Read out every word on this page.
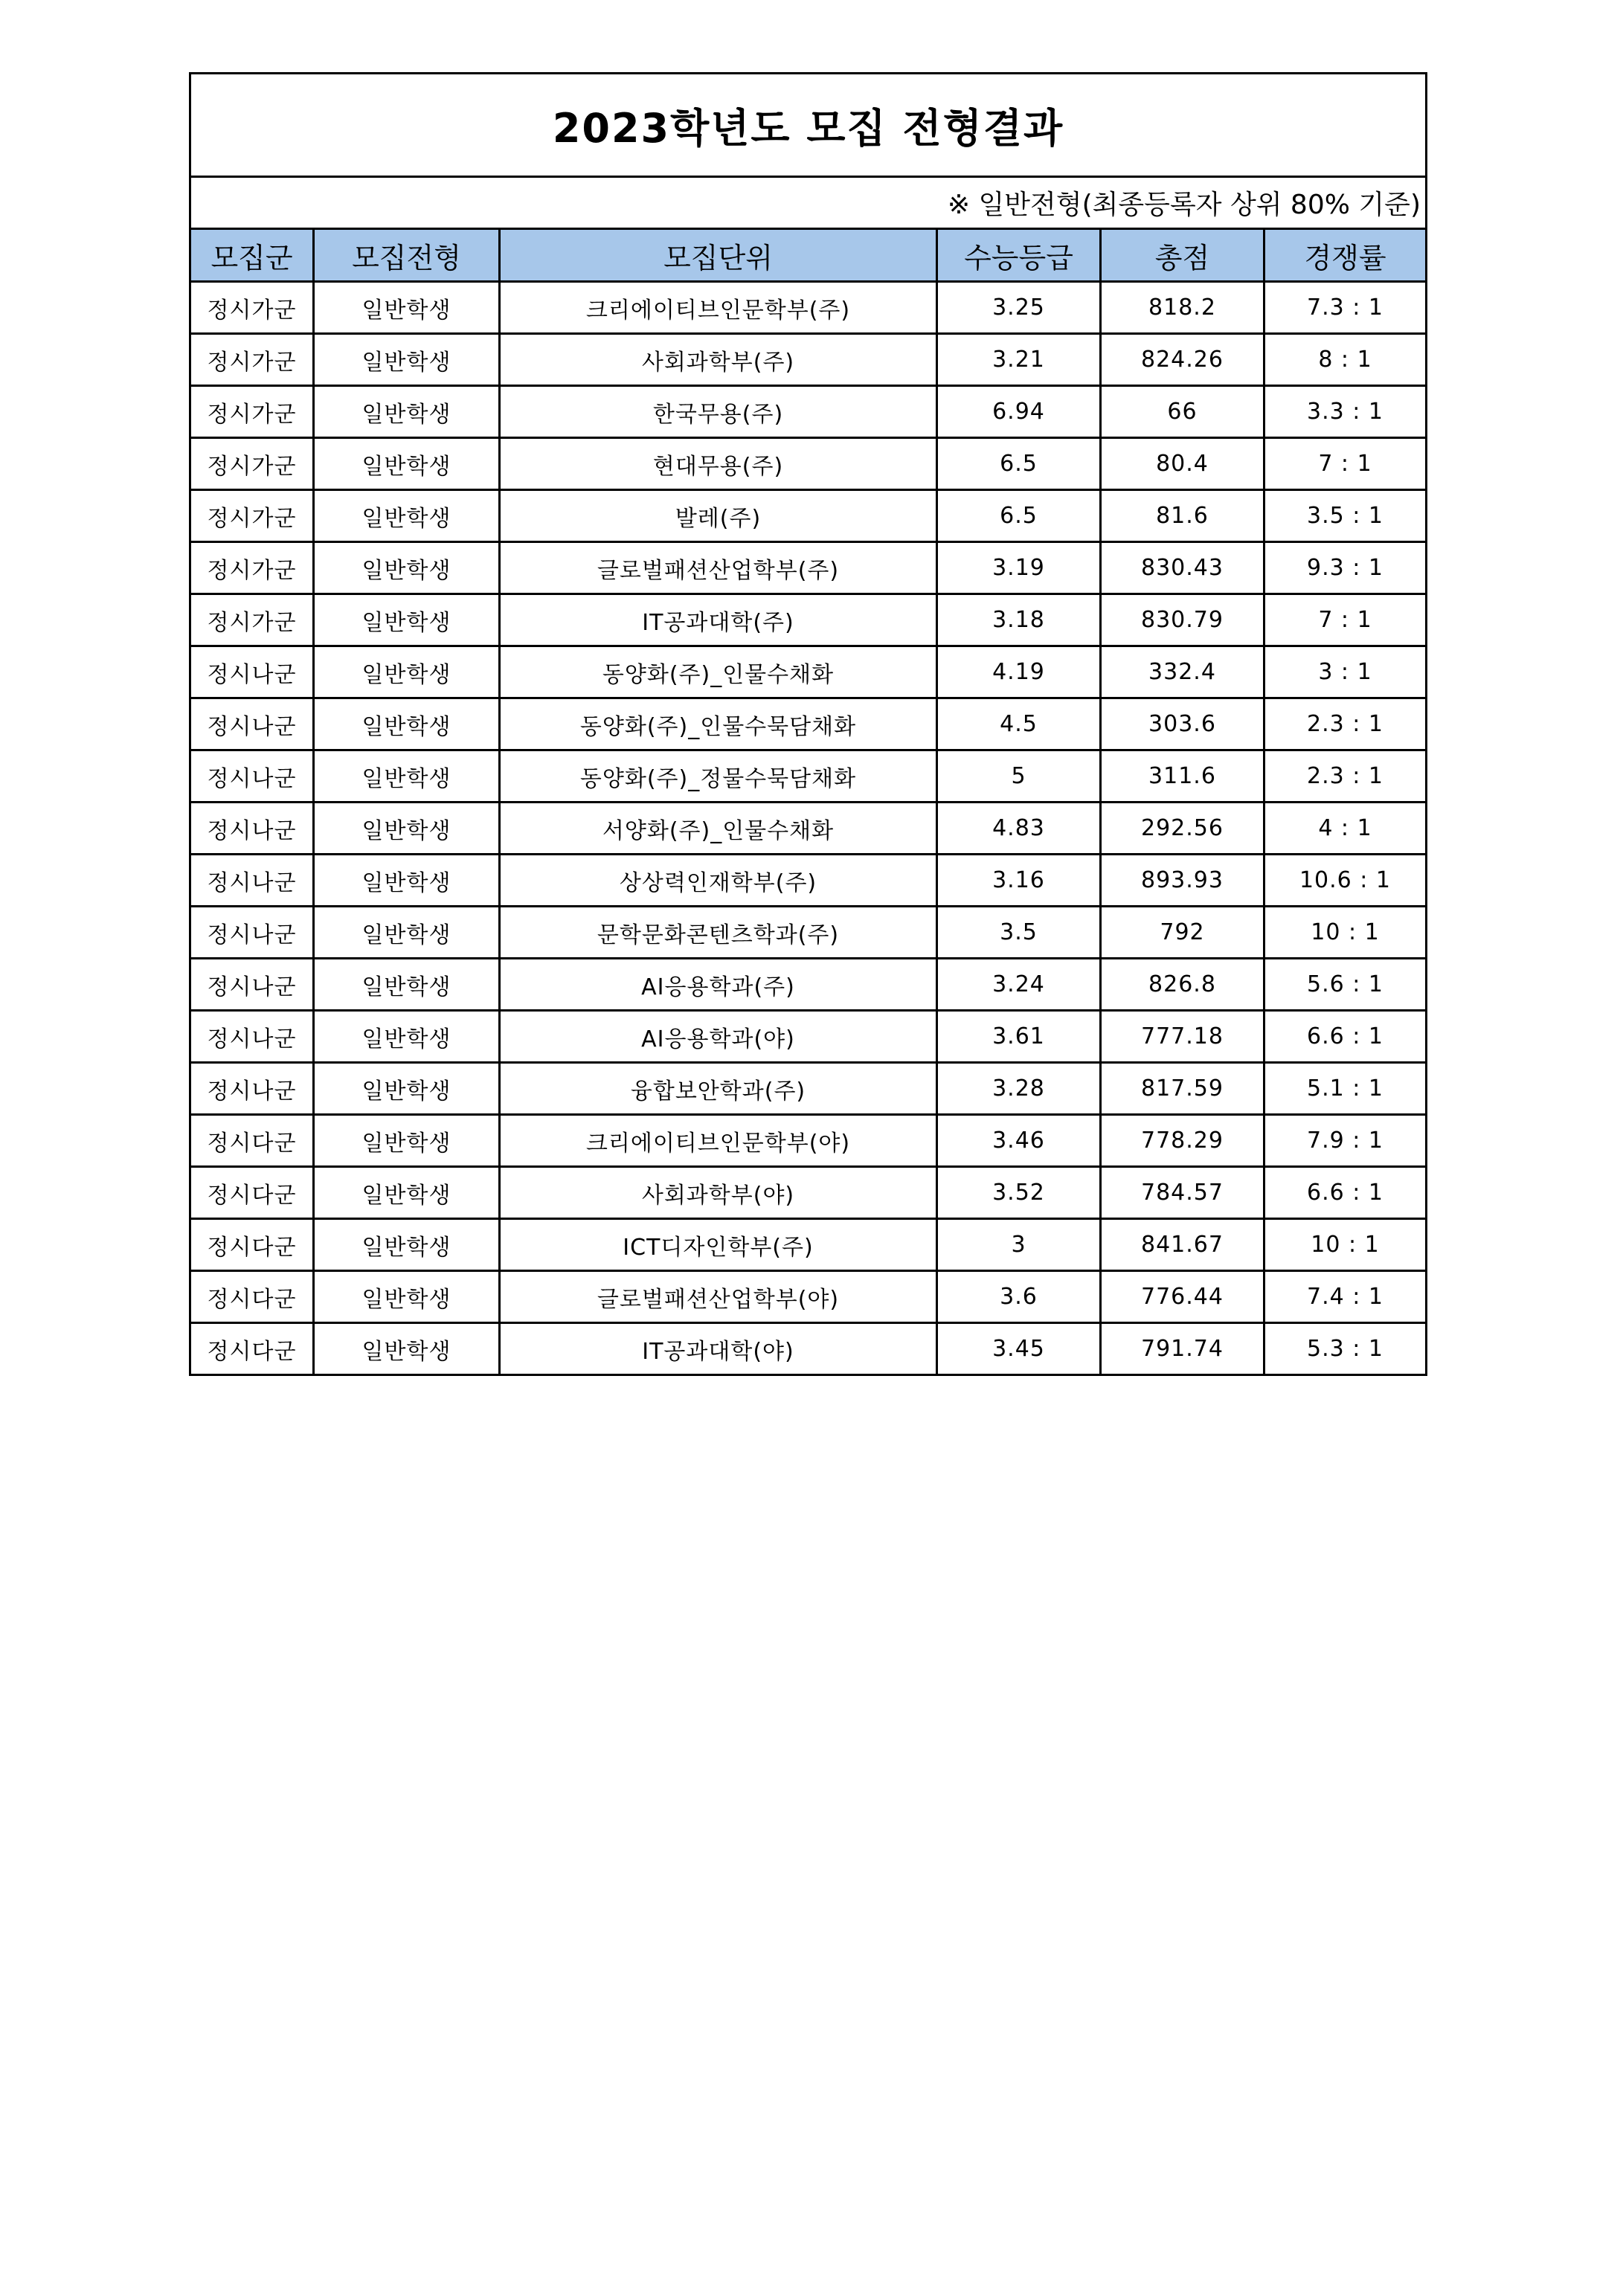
2023학년도 모집 전형결과					
※ 일반전형(최종등록자 상위 80% 기준)					
모집군	모집전형	모집단위	수능등급	총점	경쟁률
정시가군	일반학생	크리에이티브인문학부(주)	3.25	818.2	7.3 : 1
정시가군	일반학생	사회과학부(주)	3.21	824.26	8 : 1
정시가군	일반학생	한국무용(주)	6.94	66	3.3 : 1
정시가군	일반학생	현대무용(주)	6.5	80.4	7 : 1
정시가군	일반학생	발레(주)	6.5	81.6	3.5 : 1
정시가군	일반학생	글로벌패션산업학부(주)	3.19	830.43	9.3 : 1
정시가군	일반학생	IT공과대학(주)	3.18	830.79	7 : 1
정시나군	일반학생	동양화(주)_인물수채화	4.19	332.4	3 : 1
정시나군	일반학생	동양화(주)_인물수묵담채화	4.5	303.6	2.3 : 1
정시나군	일반학생	동양화(주)_정물수묵담채화	5	311.6	2.3 : 1
정시나군	일반학생	서양화(주)_인물수채화	4.83	292.56	4 : 1
정시나군	일반학생	상상력인재학부(주)	3.16	893.93	10.6 : 1
정시나군	일반학생	문학문화콘텐츠학과(주)	3.5	792	10 : 1
정시나군	일반학생	AI응용학과(주)	3.24	826.8	5.6 : 1
정시나군	일반학생	AI응용학과(야)	3.61	777.18	6.6 : 1
정시나군	일반학생	융합보안학과(주)	3.28	817.59	5.1 : 1
정시다군	일반학생	크리에이티브인문학부(야)	3.46	778.29	7.9 : 1
정시다군	일반학생	사회과학부(야)	3.52	784.57	6.6 : 1
정시다군	일반학생	ICT디자인학부(주)	3	841.67	10 : 1
정시다군	일반학생	글로벌패션산업학부(야)	3.6	776.44	7.4 : 1
정시다군	일반학생	IT공과대학(야)	3.45	791.74	5.3 : 1
